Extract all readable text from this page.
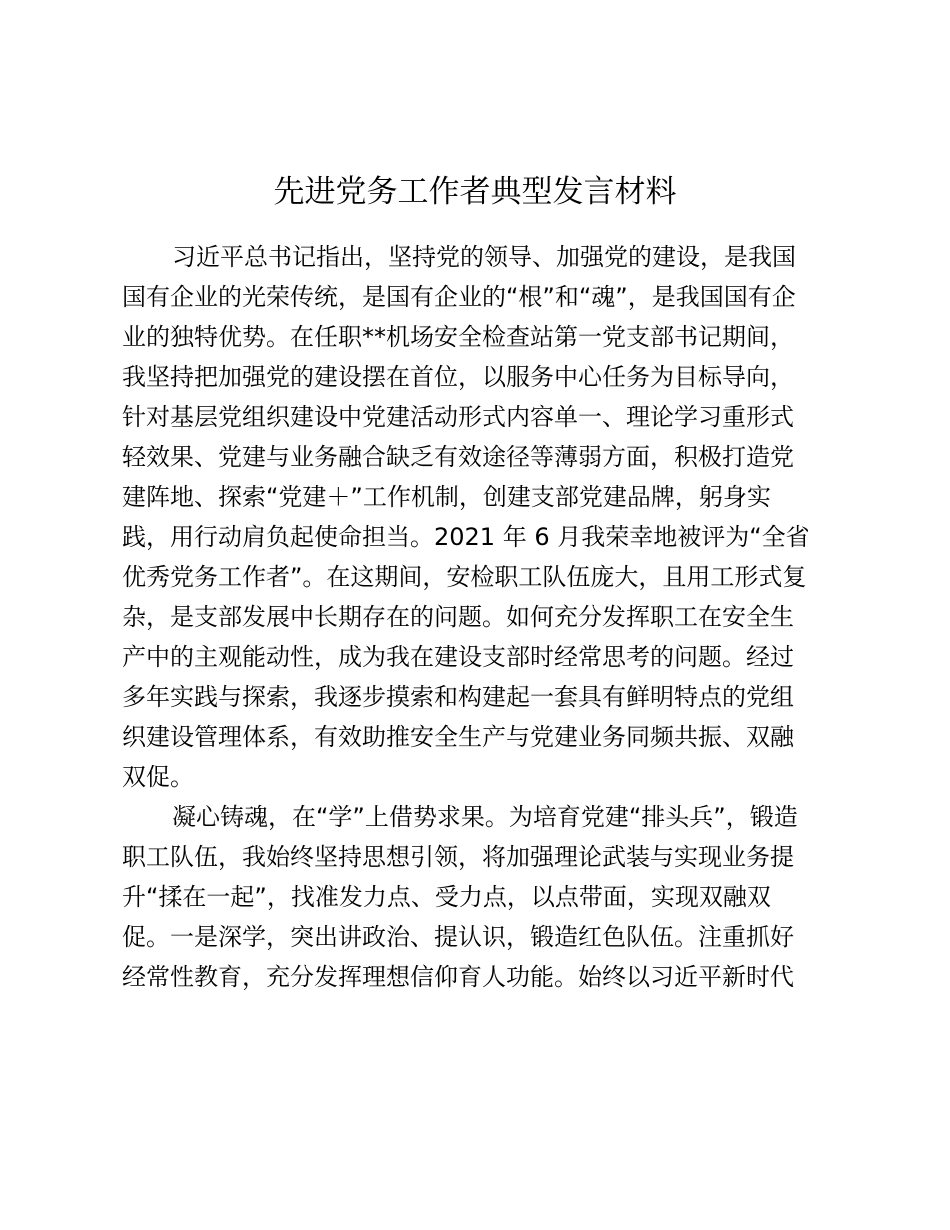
先进党务工作者典型发言材料
习近平总书记指出，坚持党的领导、加强党的建设，是我国
国有企业的光荣传统，是国有企业的“根”和“魂”，是我国国有企
业的独特优势。在任职**机场安全检查站第一党支部书记期间，
我坚持把加强党的建设摆在首位，以服务中心任务为目标导向，
针对基层党组织建设中党建活动形式内容单一、理论学习重形式
轻效果、党建与业务融合缺乏有效途径等薄弱方面，积极打造党
建阵地、探索“党建＋”工作机制，创建支部党建品牌，躬身实
践，用行动肩负起使命担当。2021 年 6 月我荣幸地被评为“全省
优秀党务工作者”。在这期间，安检职工队伍庞大，且用工形式复
杂，是支部发展中长期存在的问题。如何充分发挥职工在安全生
产中的主观能动性，成为我在建设支部时经常思考的问题。经过
多年实践与探索，我逐步摸索和构建起一套具有鲜明特点的党组
织建设管理体系，有效助推安全生产与党建业务同频共振、双融
双促。
凝心铸魂，在“学”上借势求果。为培育党建“排头兵”，锻造
职工队伍，我始终坚持思想引领，将加强理论武装与实现业务提
升“揉在一起”，找准发力点、受力点，以点带面，实现双融双
促。一是深学，突出讲政治、提认识，锻造红色队伍。注重抓好
经常性教育，充分发挥理想信仰育人功能。始终以习近平新时代
